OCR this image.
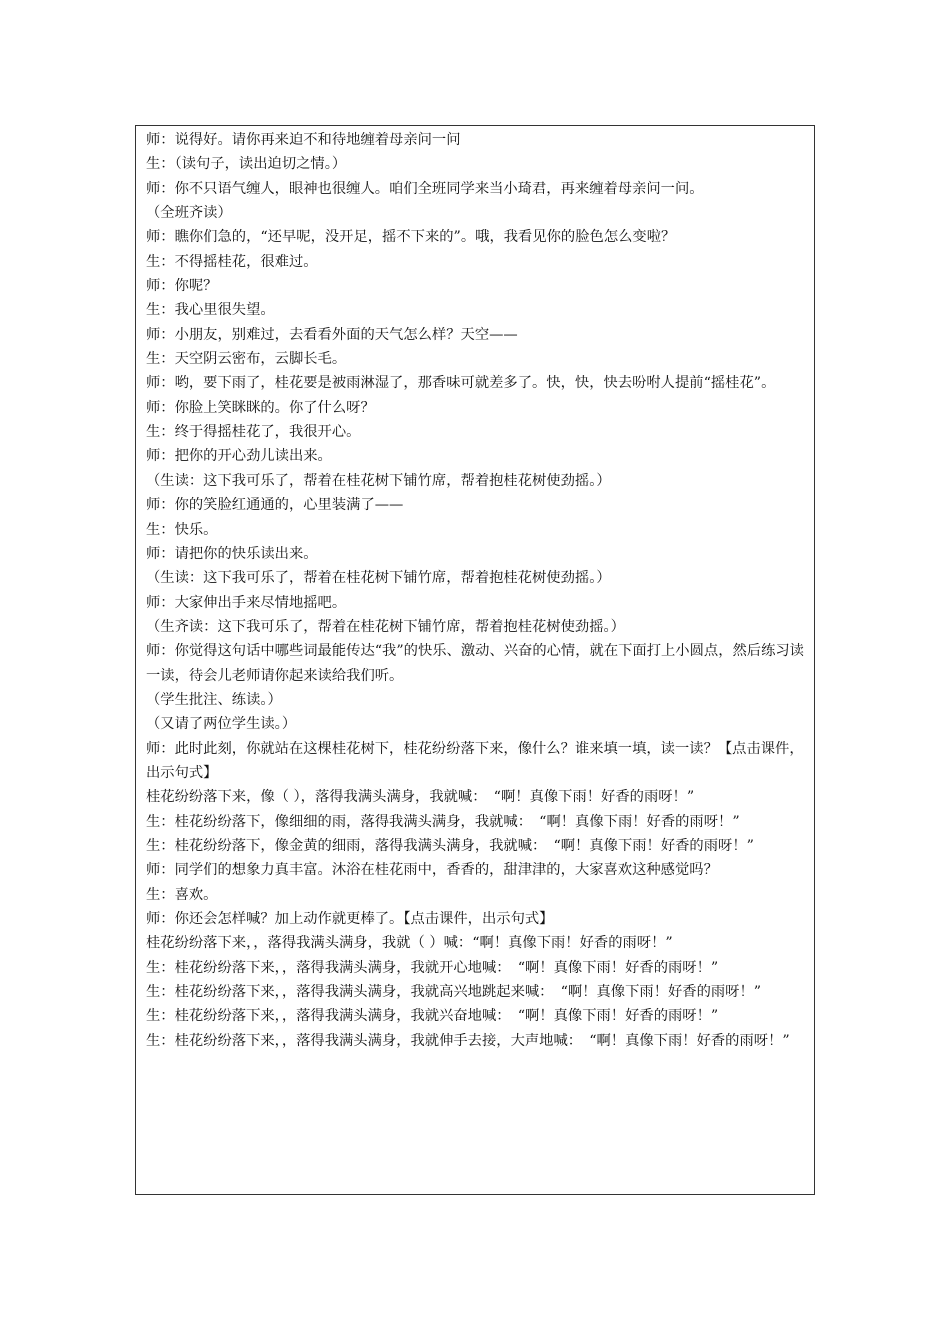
师：说得好。请你再来迫不和待地缠着母亲问一问

生：（读句子，读出迫切之情。）

师：你不只语气缠人，眼神也很缠人。咱们全班同学来当小琦君，再来缠着母亲问一问。

（全班齐读）

师：瞧你们急的，“还早呢，没开足，摇不下来的”。哦，我看见你的脸色怎么变啦？

生：不得摇桂花，很难过。

师：你呢？

生：我心里很失望。

师：小朋友，别难过，去看看外面的天气怎么样？天空——

生：天空阴云密布，云脚长毛。

师：哟，要下雨了，桂花要是被雨淋湿了，那香味可就差多了。快，快，快去吩咐人提前“摇桂花”。

师：你脸上笑眯眯的。你了什么呀？

生：终于得摇桂花了，我很开心。

师：把你的开心劲儿读出来。

（生读：这下我可乐了，帮着在桂花树下铺竹席，帮着抱桂花树使劲摇。）

师：你的笑脸红通通的，心里装满了——

生：快乐。

师：请把你的快乐读出来。

（生读：这下我可乐了，帮着在桂花树下铺竹席，帮着抱桂花树使劲摇。）

师：大家伸出手来尽情地摇吧。

（生齐读：这下我可乐了，帮着在桂花树下铺竹席，帮着抱桂花树使劲摇。）

师：你觉得这句话中哪些词最能传达“我”的快乐、激动、兴奋的心情，就在下面打上小圆点，然后练习读一读，待会儿老师请你起来读给我们听。

（学生批注、练读。）

（又请了两位学生读。）

师：此时此刻，你就站在这棵桂花树下，桂花纷纷落下来，像什么？谁来填一填，读一读？【点击课件，出示句式】

桂花纷纷落下来，像（ ），落得我满头满身，我就喊：　“啊！真像下雨！好香的雨呀！”

生：桂花纷纷落下，像细细的雨，落得我满头满身，我就喊：　“啊！真像下雨！好香的雨呀！”

生：桂花纷纷落下，像金黄的细雨，落得我满头满身，我就喊：　“啊！真像下雨！好香的雨呀！”

师：同学们的想象力真丰富。沐浴在桂花雨中，香香的，甜津津的，大家喜欢这种感觉吗？

生：喜欢。

师：你还会怎样喊？加上动作就更棒了。【点击课件，出示句式】

桂花纷纷落下来，，落得我满头满身，我就（ ）喊：“啊！真像下雨！好香的雨呀！”

生：桂花纷纷落下来，，落得我满头满身，我就开心地喊：　“啊！真像下雨！好香的雨呀！”

生：桂花纷纷落下来，，落得我满头满身，我就高兴地跳起来喊：　“啊！真像下雨！好香的雨呀！”

生：桂花纷纷落下来，，落得我满头满身，我就兴奋地喊：　“啊！真像下雨！好香的雨呀！”

生：桂花纷纷落下来，，落得我满头满身，我就伸手去接，大声地喊：　“啊！真像下雨！好香的雨呀！”
